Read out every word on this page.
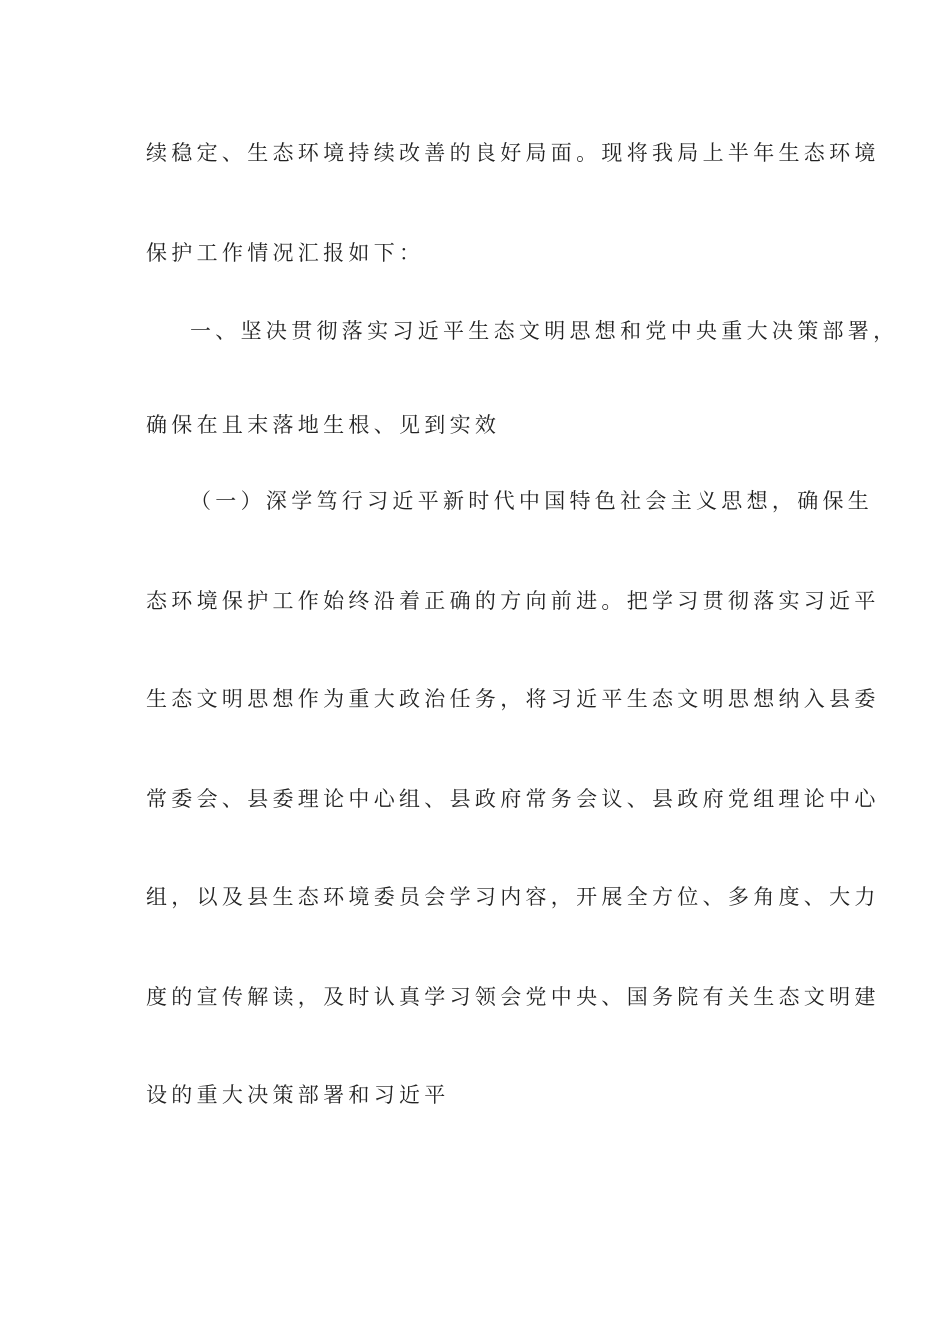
续稳定、生态环境持续改善的良好局面。现将我局上半年生态环境
保护工作情况汇报如下：
一、坚决贯彻落实习近平生态文明思想和党中央重大决策部署，
确保在且末落地生根、见到实效
（一）深学笃行习近平新时代中国特色社会主义思想，确保生
态环境保护工作始终沿着正确的方向前进。把学习贯彻落实习近平
生态文明思想作为重大政治任务，将习近平生态文明思想纳入县委
常委会、县委理论中心组、县政府常务会议、县政府党组理论中心
组，以及县生态环境委员会学习内容，开展全方位、多角度、大力
度的宣传解读，及时认真学习领会党中央、国务院有关生态文明建
设的重大决策部署和习近平
